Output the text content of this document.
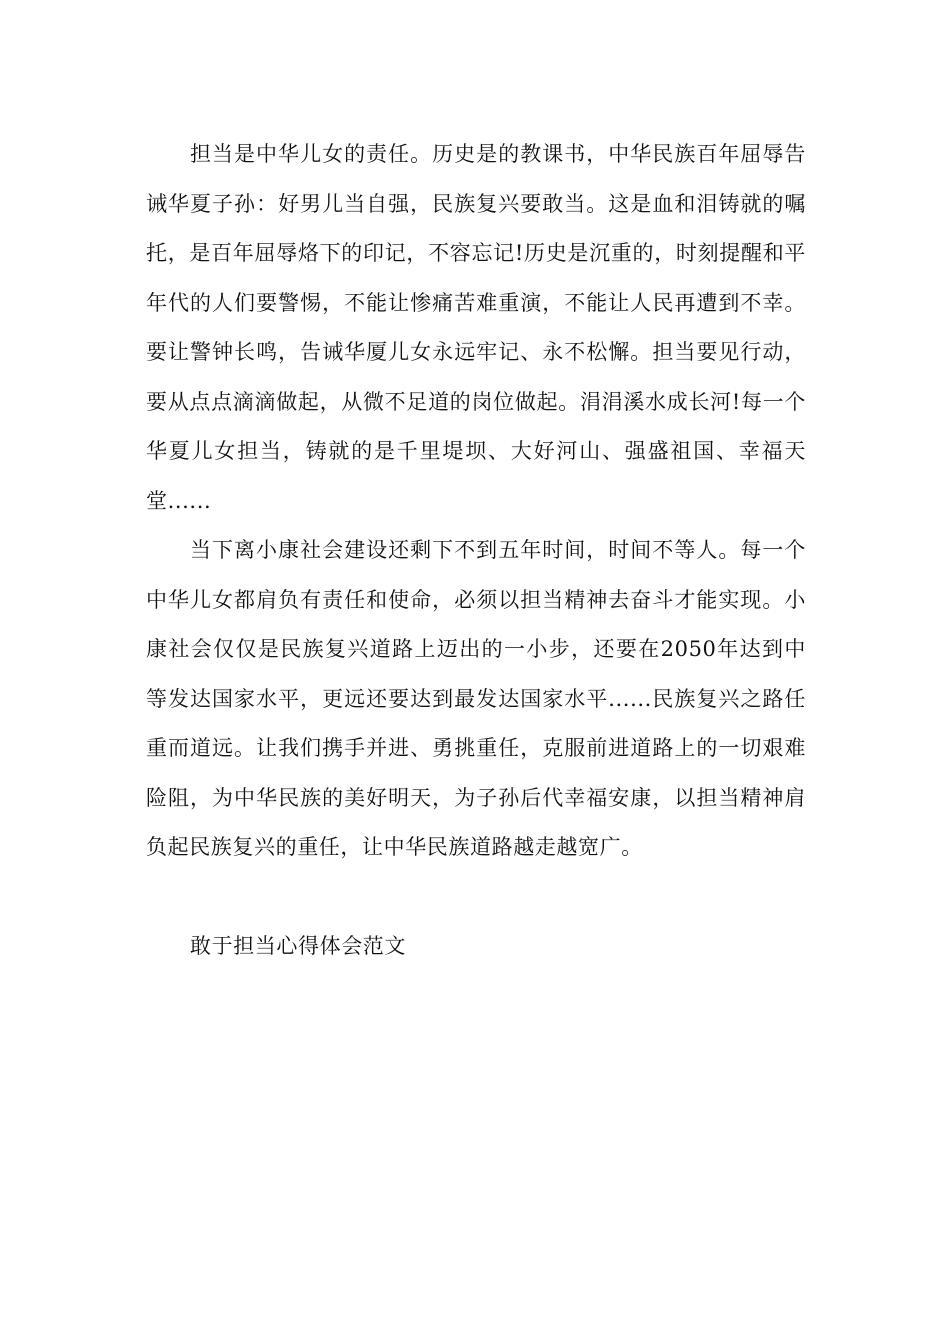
担当是中华儿女的责任。历史是的教课书，中华民族百年屈辱告诫华夏子孙：好男儿当自强，民族复兴要敢当。这是血和泪铸就的嘱托，是百年屈辱烙下的印记，不容忘记!历史是沉重的，时刻提醒和平年代的人们要警惕，不能让惨痛苦难重演，不能让人民再遭到不幸。要让警钟长鸣，告诫华厦儿女永远牢记、永不松懈。担当要见行动，要从点点滴滴做起，从微不足道的岗位做起。涓涓溪水成长河!每一个华夏儿女担当，铸就的是千里堤坝、大好河山、强盛祖国、幸福天堂......

当下离小康社会建设还剩下不到五年时间，时间不等人。每一个中华儿女都肩负有责任和使命，必须以担当精神去奋斗才能实现。小康社会仅仅是民族复兴道路上迈出的一小步，还要在2050年达到中等发达国家水平，更远还要达到最发达国家水平......民族复兴之路任重而道远。让我们携手并进、勇挑重任，克服前进道路上的一切艰难险阻，为中华民族的美好明天，为子孙后代幸福安康，以担当精神肩负起民族复兴的重任，让中华民族道路越走越宽广。

敢于担当心得体会范文
